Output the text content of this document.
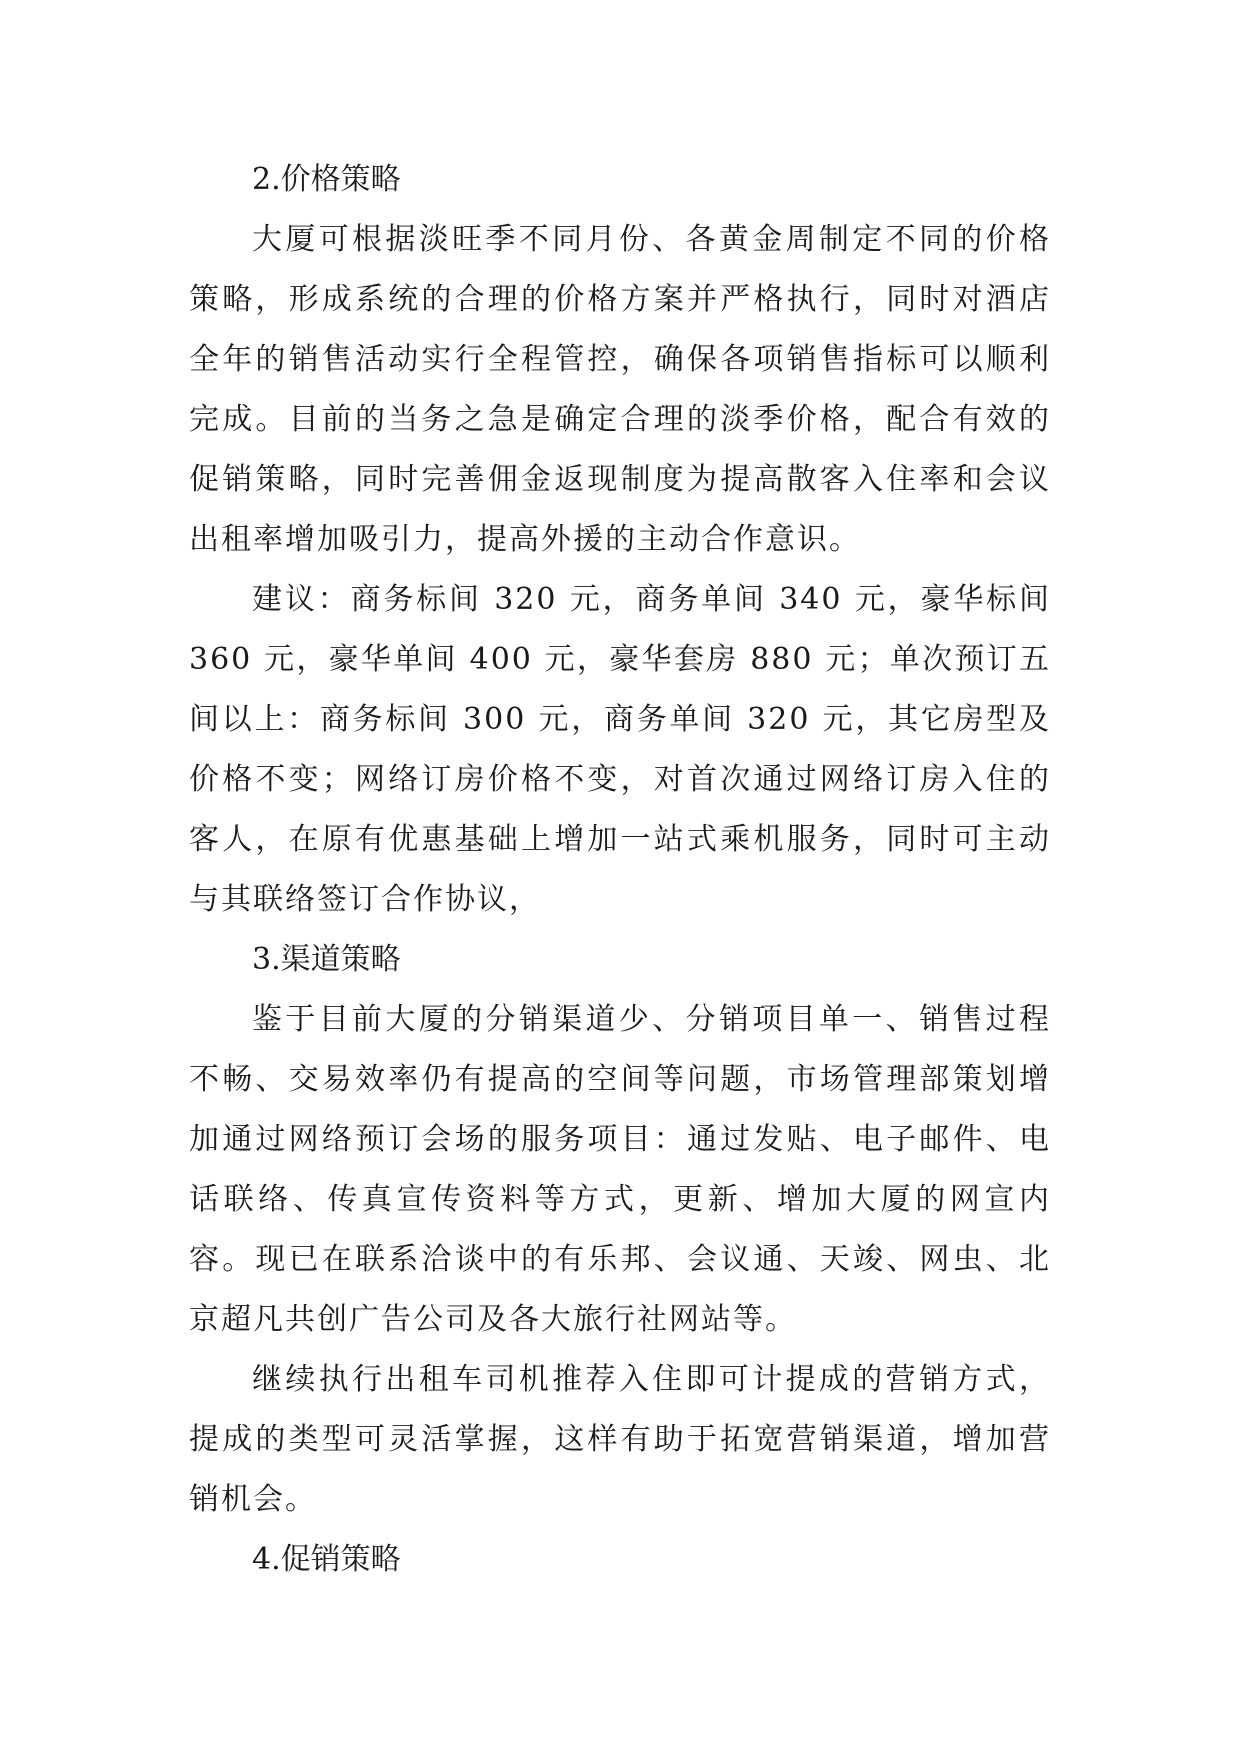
2.价格策略

大厦可根据淡旺季不同月份、各黄金周制定不同的价格策略，形成系统的合理的价格方案并严格执行，同时对酒店全年的销售活动实行全程管控，确保各项销售指标可以顺利完成。目前的当务之急是确定合理的淡季价格，配合有效的促销策略，同时完善佣金返现制度为提高散客入住率和会议出租率增加吸引力，提高外援的主动合作意识。

建议：商务标间 320 元，商务单间 340 元，豪华标间 360 元，豪华单间 400 元，豪华套房 880 元；单次预订五间以上：商务标间 300 元，商务单间 320 元，其它房型及价格不变；网络订房价格不变，对首次通过网络订房入住的客人，在原有优惠基础上增加一站式乘机服务，同时可主动与其联络签订合作协议，

3.渠道策略

鉴于目前大厦的分销渠道少、分销项目单一、销售过程不畅、交易效率仍有提高的空间等问题，市场管理部策划增加通过网络预订会场的服务项目：通过发贴、电子邮件、电话联络、传真宣传资料等方式，更新、增加大厦的网宣内容。现已在联系洽谈中的有乐邦、会议通、天竣、网虫、北京超凡共创广告公司及各大旅行社网站等。

继续执行出租车司机推荐入住即可计提成的营销方式，提成的类型可灵活掌握，这样有助于拓宽营销渠道，增加营销机会。

4.促销策略
